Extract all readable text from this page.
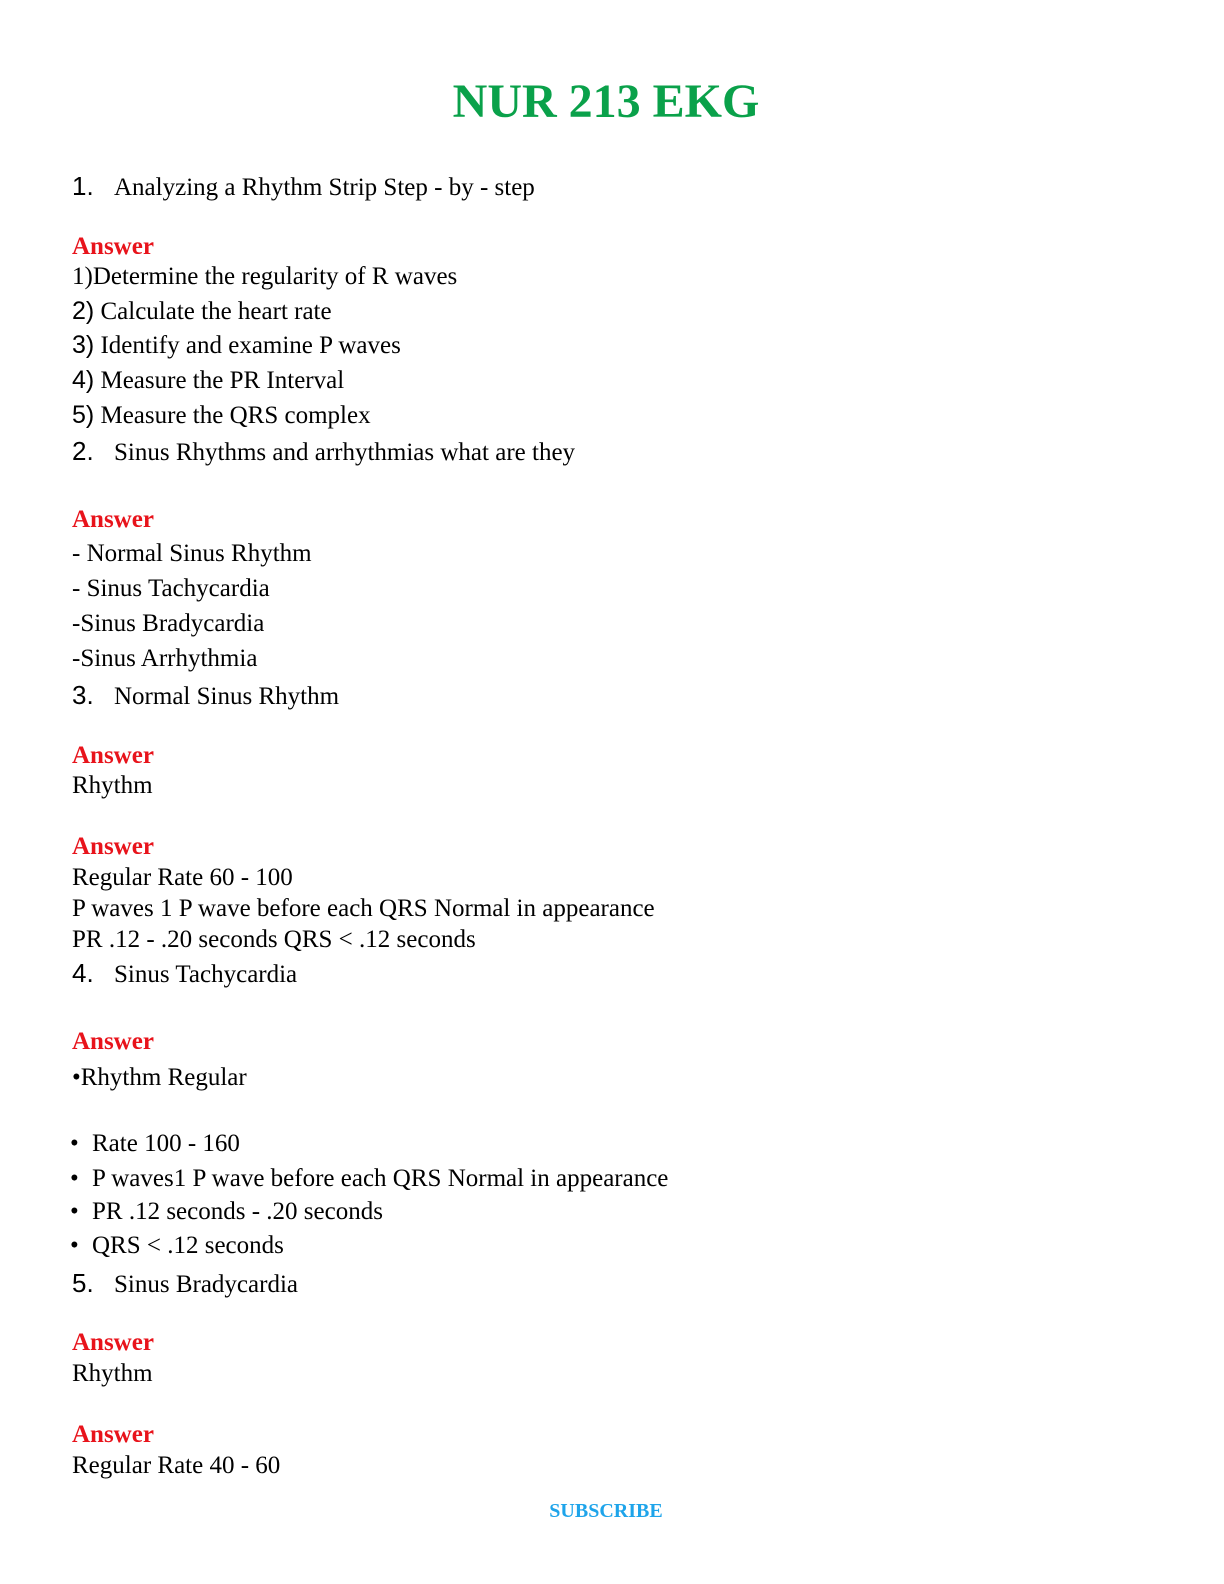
NUR 213 EKG
1. Analyzing a Rhythm Strip Step - by - step
Answer
1)Determine the regularity of R waves
2) Calculate the heart rate
3) Identify and examine P waves
4) Measure the PR Interval
5) Measure the QRS complex
2. Sinus Rhythms and arrhythmias what are they
Answer
- Normal Sinus Rhythm
- Sinus Tachycardia
-Sinus Bradycardia
-Sinus Arrhythmia
3. Normal Sinus Rhythm
Answer
Rhythm
Answer
Regular Rate 60 - 100
P waves 1 P wave before each QRS Normal in appearance
PR .12 - .20 seconds QRS < .12 seconds
4. Sinus Tachycardia
Answer
•Rhythm Regular
• Rate 100 - 160
• P waves1 P wave before each QRS Normal in appearance
• PR .12 seconds - .20 seconds
• QRS < .12 seconds
5. Sinus Bradycardia
Answer
Rhythm
Answer
Regular Rate 40 - 60
SUBSCRIBE
